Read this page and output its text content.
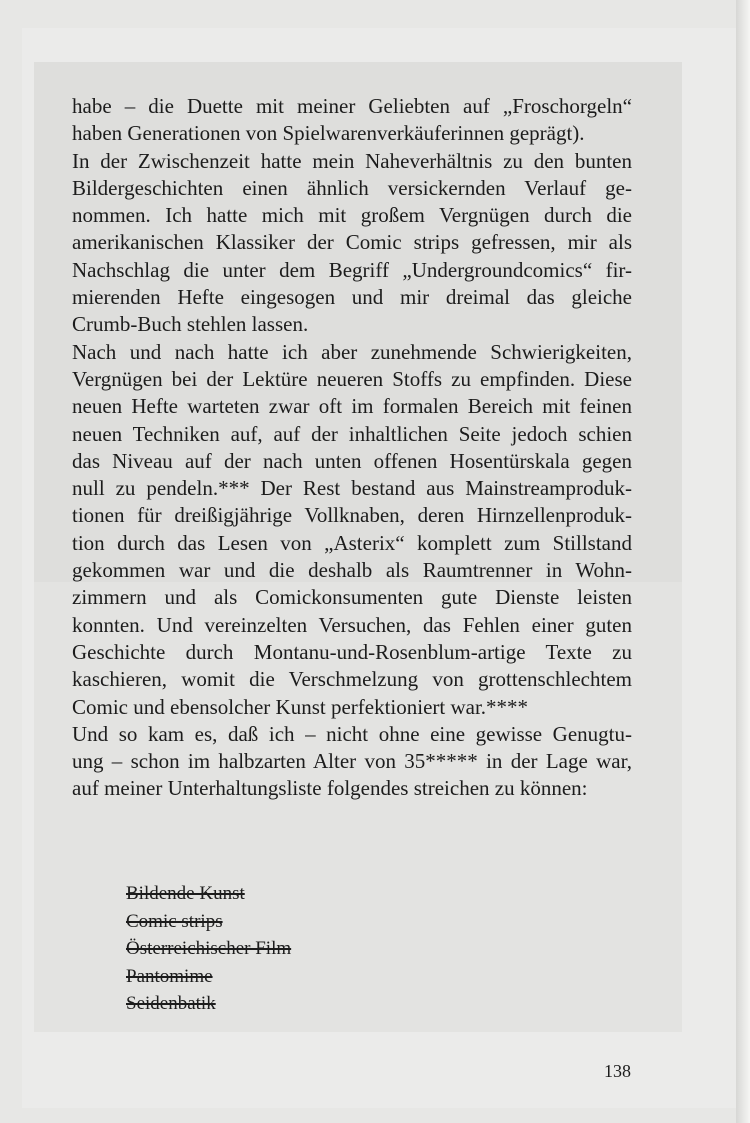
habe – die Duette mit meiner Geliebten auf „Froschorgeln“
haben Generationen von Spielwarenverkäuferinnen geprägt).
In der Zwischenzeit hatte mein Naheverhältnis zu den bunten
Bildergeschichten einen ähnlich versickernden Verlauf ge-
nommen. Ich hatte mich mit großem Vergnügen durch die
amerikanischen Klassiker der Comic strips gefressen, mir als
Nachschlag die unter dem Begriff „Undergroundcomics“ fir-
mierenden Hefte eingesogen und mir dreimal das gleiche
Crumb-Buch stehlen lassen.
Nach und nach hatte ich aber zunehmende Schwierigkeiten,
Vergnügen bei der Lektüre neueren Stoffs zu empfinden. Diese
neuen Hefte warteten zwar oft im formalen Bereich mit feinen
neuen Techniken auf, auf der inhaltlichen Seite jedoch schien
das Niveau auf der nach unten offenen Hosentürskala gegen
null zu pendeln.*** Der Rest bestand aus Mainstreamproduk-
tionen für dreißigjährige Vollknaben, deren Hirnzellenproduk-
tion durch das Lesen von „Asterix“ komplett zum Stillstand
gekommen war und die deshalb als Raumtrenner in Wohn-
zimmern und als Comickonsumenten gute Dienste leisten
konnten. Und vereinzelten Versuchen, das Fehlen einer guten
Geschichte durch Montanu-und-Rosenblum-artige Texte zu
kaschieren, womit die Verschmelzung von grottenschlechtem
Comic und ebensolcher Kunst perfektioniert war.****
Und so kam es, daß ich – nicht ohne eine gewisse Genugtu-
ung – schon im halbzarten Alter von 35***** in der Lage war,
auf meiner Unterhaltungsliste folgendes streichen zu können:
Bildende Kunst
Comic strips
Österreichischer Film
Pantomime
Seidenbatik
138
